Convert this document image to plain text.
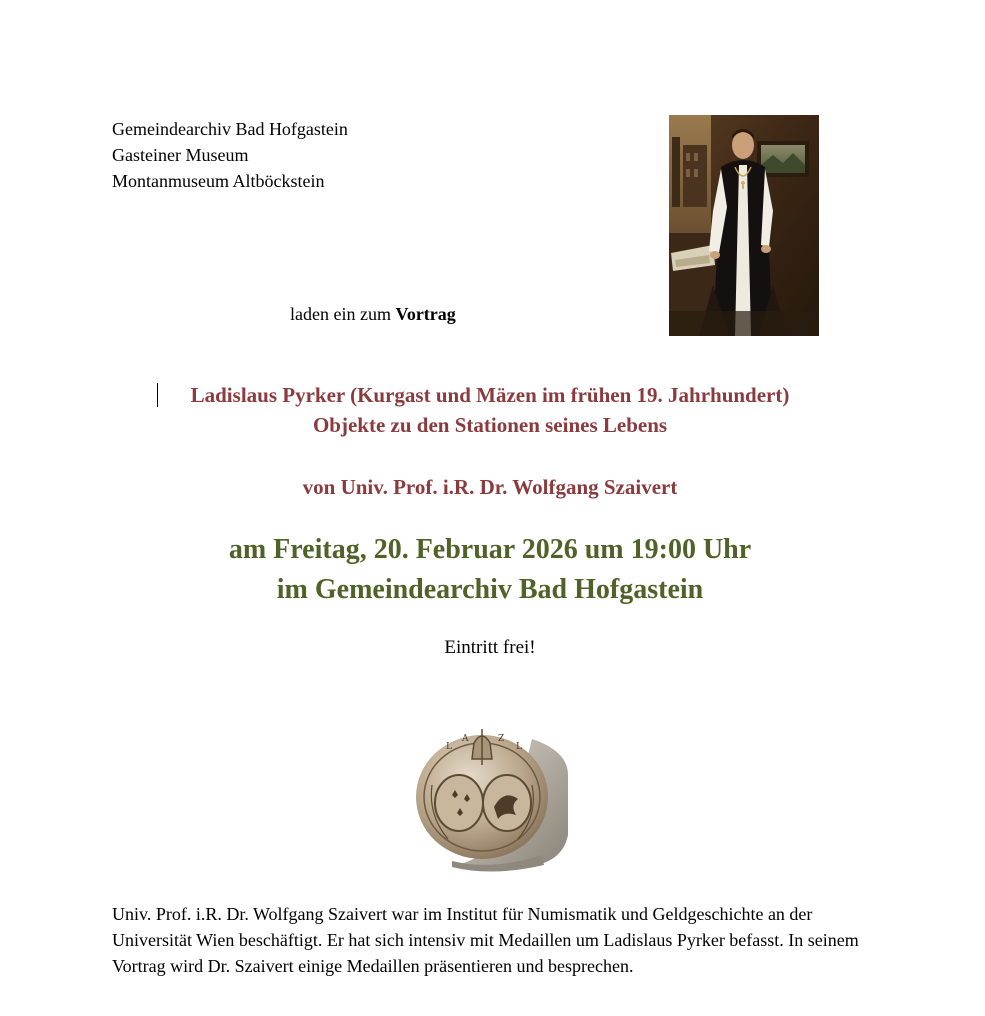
Gemeindearchiv Bad Hofgastein
Gasteiner Museum
Montanmuseum Altböckstein
laden ein zum Vortrag
Ladislaus Pyrker (Kurgast und Mäzen im frühen 19. Jahrhundert)
Objekte zu den Stationen seines Lebens
von Univ. Prof. i.R. Dr. Wolfgang Szaivert
am Freitag, 20. Februar 2026 um 19:00 Uhr
im Gemeindearchiv Bad Hofgastein
Eintritt frei!
L
A	Z
L
Univ. Prof. i.R. Dr. Wolfgang Szaivert war im Institut für Numismatik und Geldgeschichte an der Universität Wien beschäftigt. Er hat sich intensiv mit Medaillen um Ladislaus Pyrker befasst. In seinem Vortrag wird Dr. Szaivert einige Medaillen präsentieren und besprechen.
